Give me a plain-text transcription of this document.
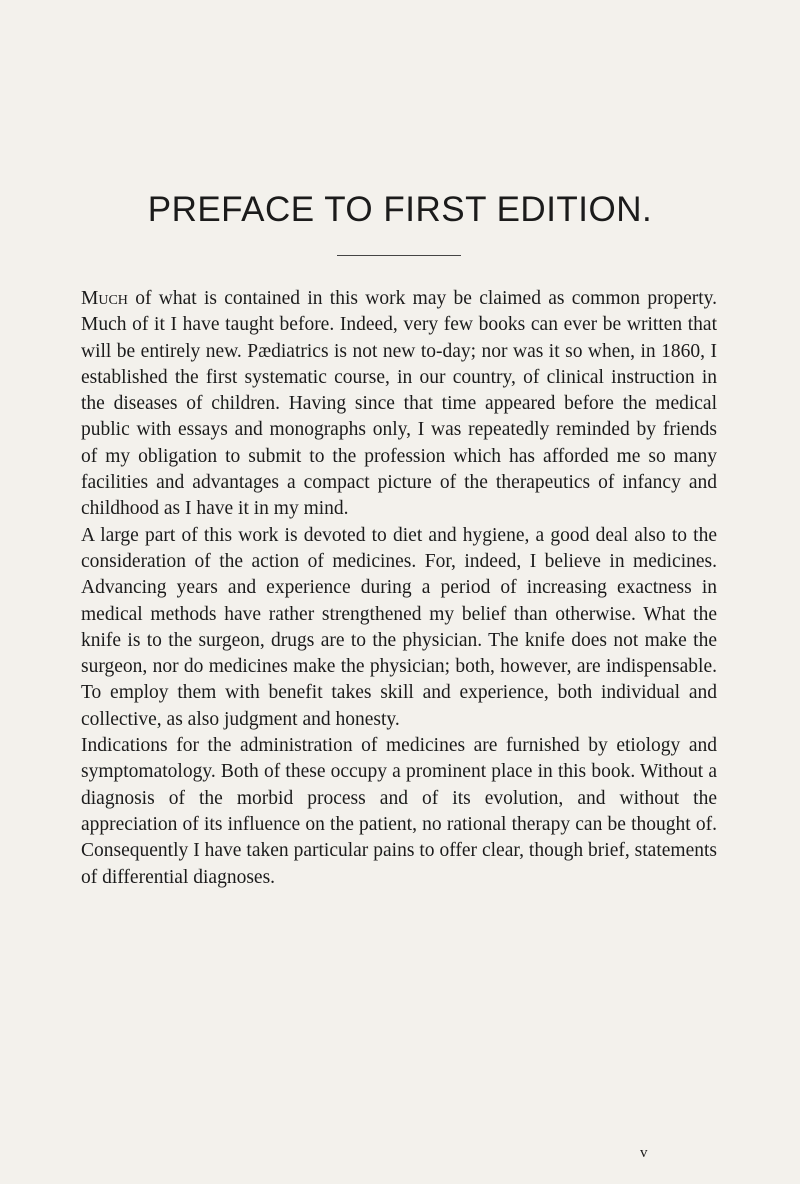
PREFACE TO FIRST EDITION.

Much of what is contained in this work may be claimed as common property. Much of it I have taught before. Indeed, very few books can ever be written that will be entirely new. Pædiatrics is not new to-day; nor was it so when, in 1860, I established the first systematic course, in our country, of clinical instruction in the diseases of children. Having since that time appeared before the medical public with essays and monographs only, I was repeatedly reminded by friends of my obligation to submit to the profession which has afforded me so many facilities and advantages a compact picture of the therapeutics of infancy and childhood as I have it in my mind.

A large part of this work is devoted to diet and hygiene, a good deal also to the consideration of the action of medicines. For, indeed, I believe in medicines. Advancing years and experience during a period of increasing exactness in medical methods have rather strengthened my belief than otherwise. What the knife is to the surgeon, drugs are to the physician. The knife does not make the surgeon, nor do medicines make the physician; both, however, are indispensable. To employ them with benefit takes skill and experience, both individual and collective, as also judgment and honesty.

Indications for the administration of medicines are furnished by etiology and symptomatology. Both of these occupy a prominent place in this book. Without a diagnosis of the morbid process and of its evolution, and without the appreciation of its influence on the patient, no rational therapy can be thought of. Consequently I have taken particular pains to offer clear, though brief, statements of differential diagnoses.

v
